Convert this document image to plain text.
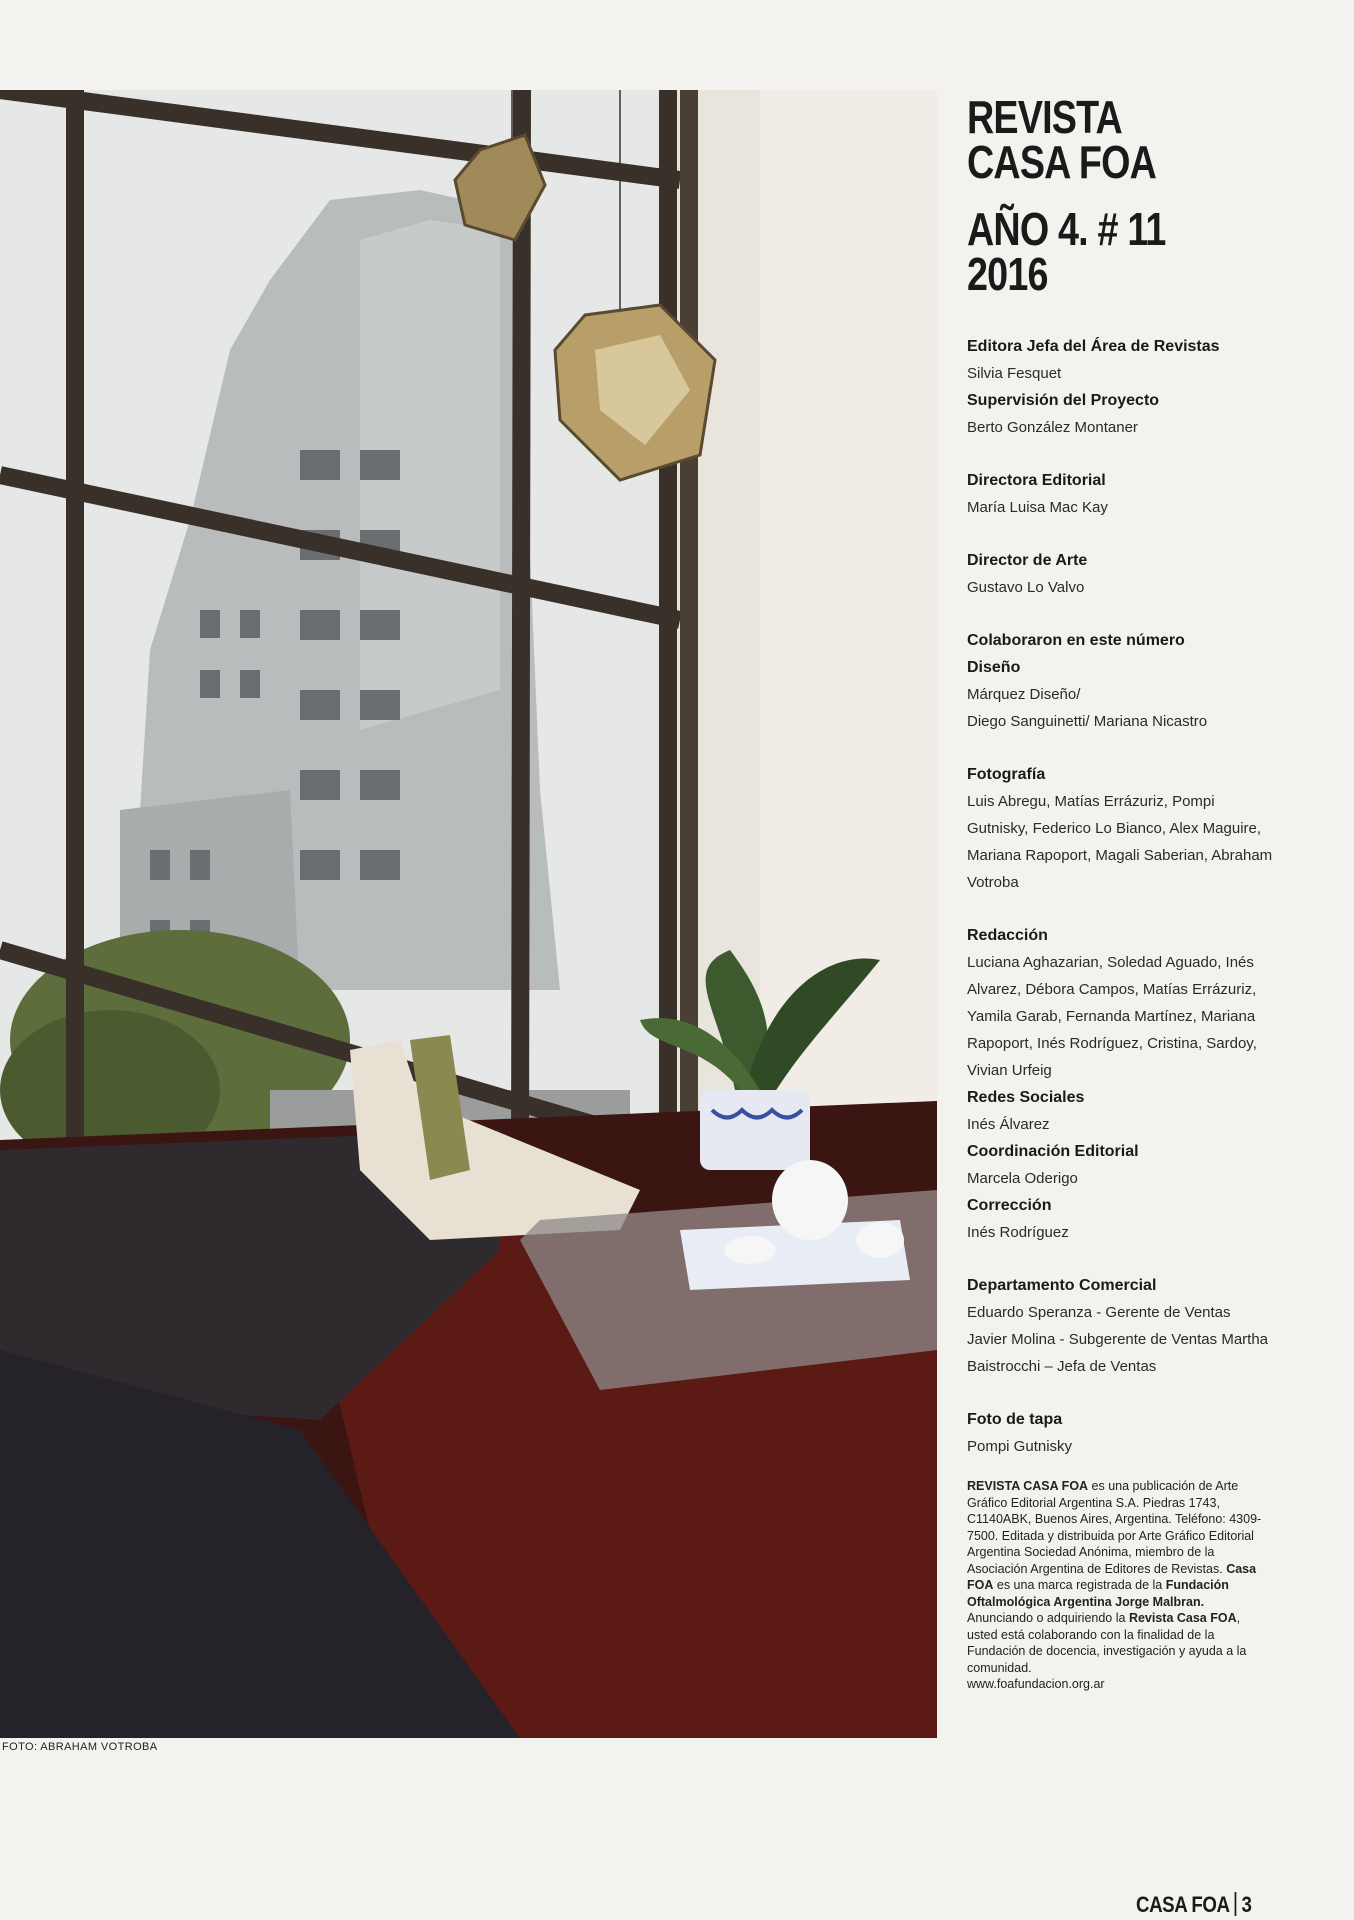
FOTO: ABRAHAM VOTROBA
REVISTA
CASA FOA
AÑO 4. # 11
2016
Editora Jefa del Área de Revistas
Silvia Fesquet
Supervisión del Proyecto
Berto González Montaner
Directora Editorial
María Luisa Mac Kay
Director de Arte
Gustavo Lo Valvo
Colaboraron en este número
Diseño
Márquez Diseño/
Diego Sanguinetti/ Mariana Nicastro
Fotografía
Luis Abregu, Matías Errázuriz, Pompi
Gutnisky, Federico Lo Bianco, Alex Maguire,
Mariana Rapoport, Magali Saberian, Abraham
Votroba
Redacción
Luciana Aghazarian, Soledad Aguado, Inés
Alvarez, Débora Campos, Matías Errázuriz,
Yamila Garab, Fernanda Martínez, Mariana
Rapoport, Inés Rodríguez, Cristina, Sardoy,
Vivian Urfeig
Redes Sociales
Inés Álvarez
Coordinación Editorial
Marcela Oderigo
Corrección
Inés Rodríguez
Departamento Comercial
Eduardo Speranza - Gerente de Ventas
Javier Molina - Subgerente de Ventas Martha
Baistrocchi – Jefa de Ventas
Foto de tapa
Pompi Gutnisky
REVISTA CASA FOA es una publicación de Arte Gráfico Editorial Argentina S.A. Piedras 1743, C1140ABK, Buenos Aires, Argentina. Teléfono: 4309-7500. Editada y distribuida por Arte Gráfico Editorial Argentina Sociedad Anónima, miembro de la Asociación Argentina de Editores de Revistas. Casa FOA es una marca registrada de la Fundación Oftalmológica Argentina Jorge Malbran. Anunciando o adquiriendo la Revista Casa FOA, usted está colaborando con la finalidad de la Fundación de docencia, investigación y ayuda a la comunidad.
www.foafundacion.org.ar
CASA FOA 3
